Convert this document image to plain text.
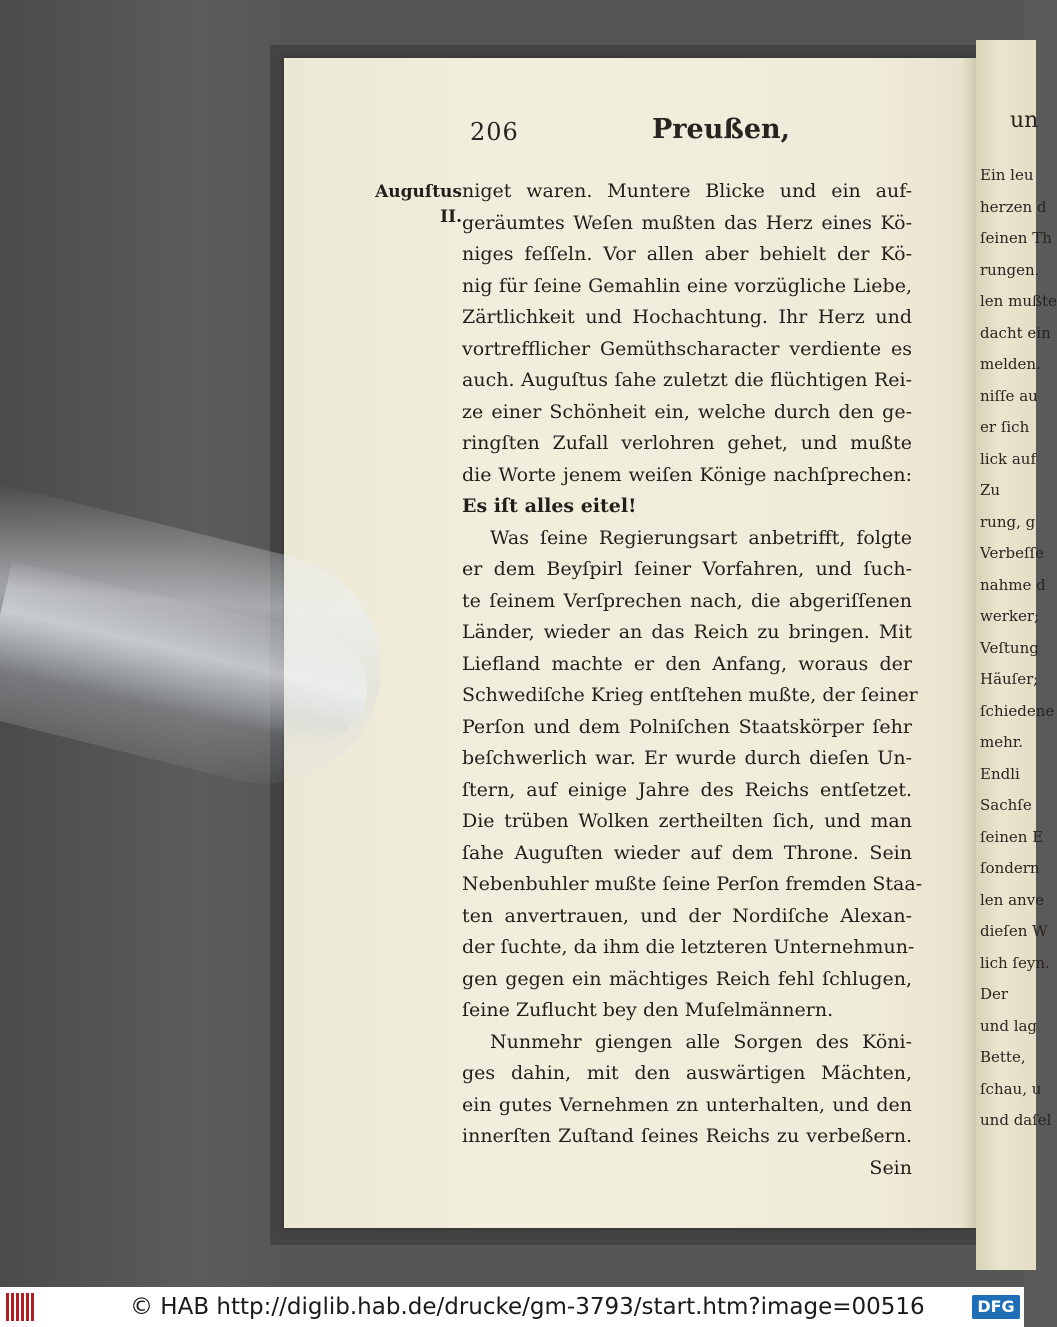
un
Ein leu
herzen d
ſeinen Th
rungen.
len mußte
dacht ein
melden.
niſſe au
er ſich
lick auf
Zu
rung, g
Verbeſſe
nahme d
werker;
Veſtung
Häuſer;
ſchiedene
mehr.
Endli
Sachſe
ſeinen E
ſondern
len anve
dieſen W
lich ſeyn.
Der
und lag
Bette,
ſchau, u
und daſel
206	Preußen,
Auguſtus
II.
niget waren. Muntere Blicke und ein auf-
geräumtes Weſen mußten das Herz eines Kö-
niges feſſeln. Vor allen aber behielt der Kö-
nig für ſeine Gemahlin eine vorzügliche Liebe,
Zärtlichkeit und Hochachtung. Ihr Herz und
vortrefflicher Gemüthscharacter verdiente es
auch. Auguſtus ſahe zuletzt die flüchtigen Rei-
ze einer Schönheit ein, welche durch den ge-
ringſten Zufall verlohren gehet, und mußte
die Worte jenem weiſen Könige nachſprechen:
Es iſt alles eitel!
Was ſeine Regierungsart anbetrifft, folgte
er dem Beyſpirl ſeiner Vorfahren, und ſuch-
te ſeinem Verſprechen nach, die abgeriſſenen
Länder, wieder an das Reich zu bringen. Mit
Liefland machte er den Anfang, woraus der
Schwediſche Krieg entſtehen mußte, der ſeiner
Perſon und dem Polniſchen Staatskörper ſehr
beſchwerlich war. Er wurde durch dieſen Un-
ſtern, auf einige Jahre des Reichs entſetzet.
Die trüben Wolken zertheilten ſich, und man
ſahe Auguſten wieder auf dem Throne. Sein
Nebenbuhler mußte ſeine Perſon fremden Staa-
ten anvertrauen, und der Nordiſche Alexan-
der ſuchte, da ihm die letzteren Unternehmun-
gen gegen ein mächtiges Reich fehl ſchlugen,
ſeine Zuflucht bey den Muſelmännern.
Nunmehr giengen alle Sorgen des Köni-
ges dahin, mit den auswärtigen Mächten,
ein gutes Vernehmen zn unterhalten, und den
innerſten Zuſtand ſeines Reichs zu verbeßern.
Sein
© HAB http://diglib.hab.de/drucke/gm-3793/start.htm?image=00516	DFG
